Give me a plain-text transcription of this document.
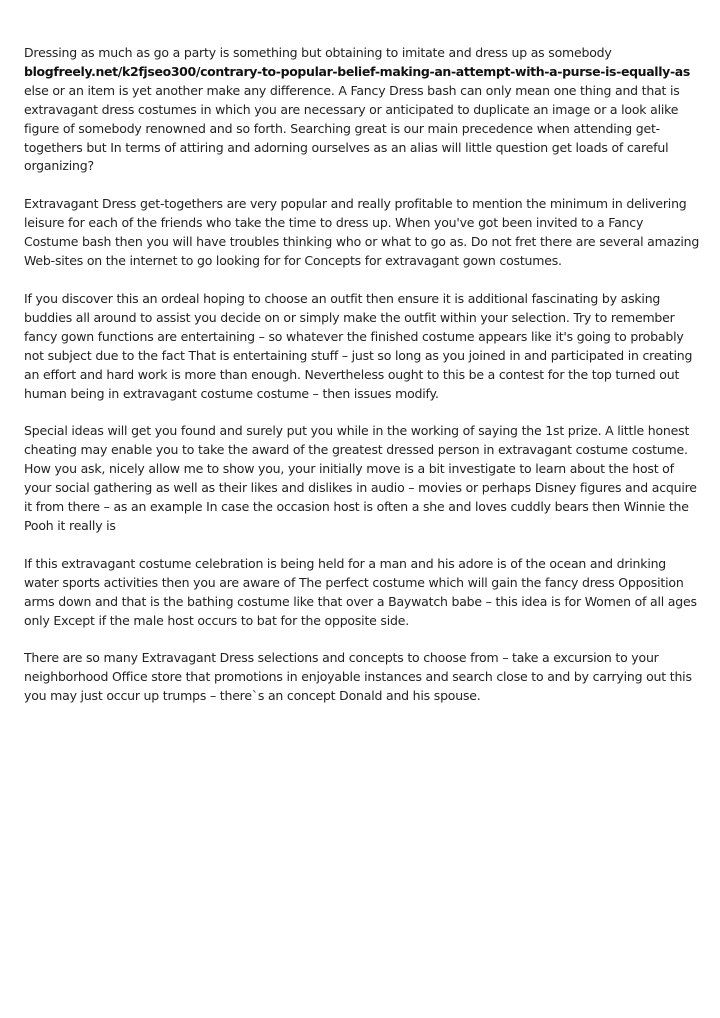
Dressing as much as go a party is something but obtaining to imitate and dress up as somebody blogfreely.net/k2fjseo300/contrary-to-popular-belief-making-an-attempt-with-a-purse-is-equally-as else or an item is yet another make any difference. A Fancy Dress bash can only mean one thing and that is extravagant dress costumes in which you are necessary or anticipated to duplicate an image or a look alike figure of somebody renowned and so forth. Searching great is our main precedence when attending get-togethers but In terms of attiring and adorning ourselves as an alias will little question get loads of careful organizing?

Extravagant Dress get-togethers are very popular and really profitable to mention the minimum in delivering leisure for each of the friends who take the time to dress up. When you've got been invited to a Fancy Costume bash then you will have troubles thinking who or what to go as. Do not fret there are several amazing Web-sites on the internet to go looking for for Concepts for extravagant gown costumes.

If you discover this an ordeal hoping to choose an outfit then ensure it is additional fascinating by asking buddies all around to assist you decide on or simply make the outfit within your selection. Try to remember fancy gown functions are entertaining – so whatever the finished costume appears like it's going to probably not subject due to the fact That is entertaining stuff – just so long as you joined in and participated in creating an effort and hard work is more than enough. Nevertheless ought to this be a contest for the top turned out human being in extravagant costume costume – then issues modify.

Special ideas will get you found and surely put you while in the working of saying the 1st prize. A little honest cheating may enable you to take the award of the greatest dressed person in extravagant costume costume. How you ask, nicely allow me to show you, your initially move is a bit investigate to learn about the host of your social gathering as well as their likes and dislikes in audio – movies or perhaps Disney figures and acquire it from there – as an example In case the occasion host is often a she and loves cuddly bears then Winnie the Pooh it really is

If this extravagant costume celebration is being held for a man and his adore is of the ocean and drinking water sports activities then you are aware of The perfect costume which will gain the fancy dress Opposition arms down and that is the bathing costume like that over a Baywatch babe – this idea is for Women of all ages only Except if the male host occurs to bat for the opposite side.

There are so many Extravagant Dress selections and concepts to choose from – take a excursion to your neighborhood Office store that promotions in enjoyable instances and search close to and by carrying out this you may just occur up trumps – there`s an concept Donald and his spouse.
